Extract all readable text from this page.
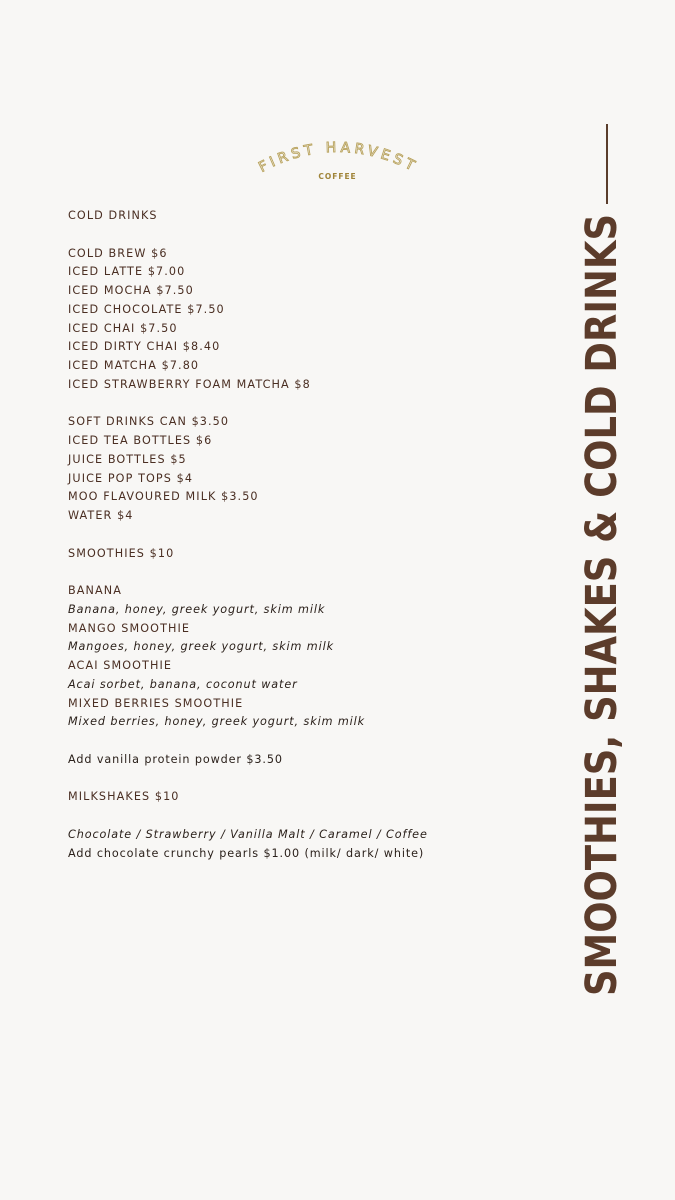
FIRST HARVEST
COFFEE
COLD DRINKS
COLD BREW $6
ICED LATTE $7.00
ICED MOCHA $7.50
ICED CHOCOLATE $7.50
ICED CHAI $7.50
ICED DIRTY CHAI $8.40
ICED MATCHA $7.80
ICED STRAWBERRY FOAM MATCHA $8
SOFT DRINKS CAN $3.50
ICED TEA BOTTLES $6
JUICE BOTTLES $5
JUICE POP TOPS $4
MOO FLAVOURED MILK $3.50
WATER $4
SMOOTHIES $10
BANANA
Banana, honey, greek yogurt, skim milk
MANGO SMOOTHIE
Mangoes, honey, greek yogurt, skim milk
ACAI SMOOTHIE
Acai sorbet, banana, coconut water
MIXED BERRIES SMOOTHIE
Mixed berries, honey, greek yogurt, skim milk
Add vanilla protein powder $3.50
MILKSHAKES $10
Chocolate / Strawberry / Vanilla Malt / Caramel / Coffee
Add chocolate crunchy pearls $1.00 (milk/ dark/ white)	SMOOTHIES, SHAKES & COLD DRINKS
